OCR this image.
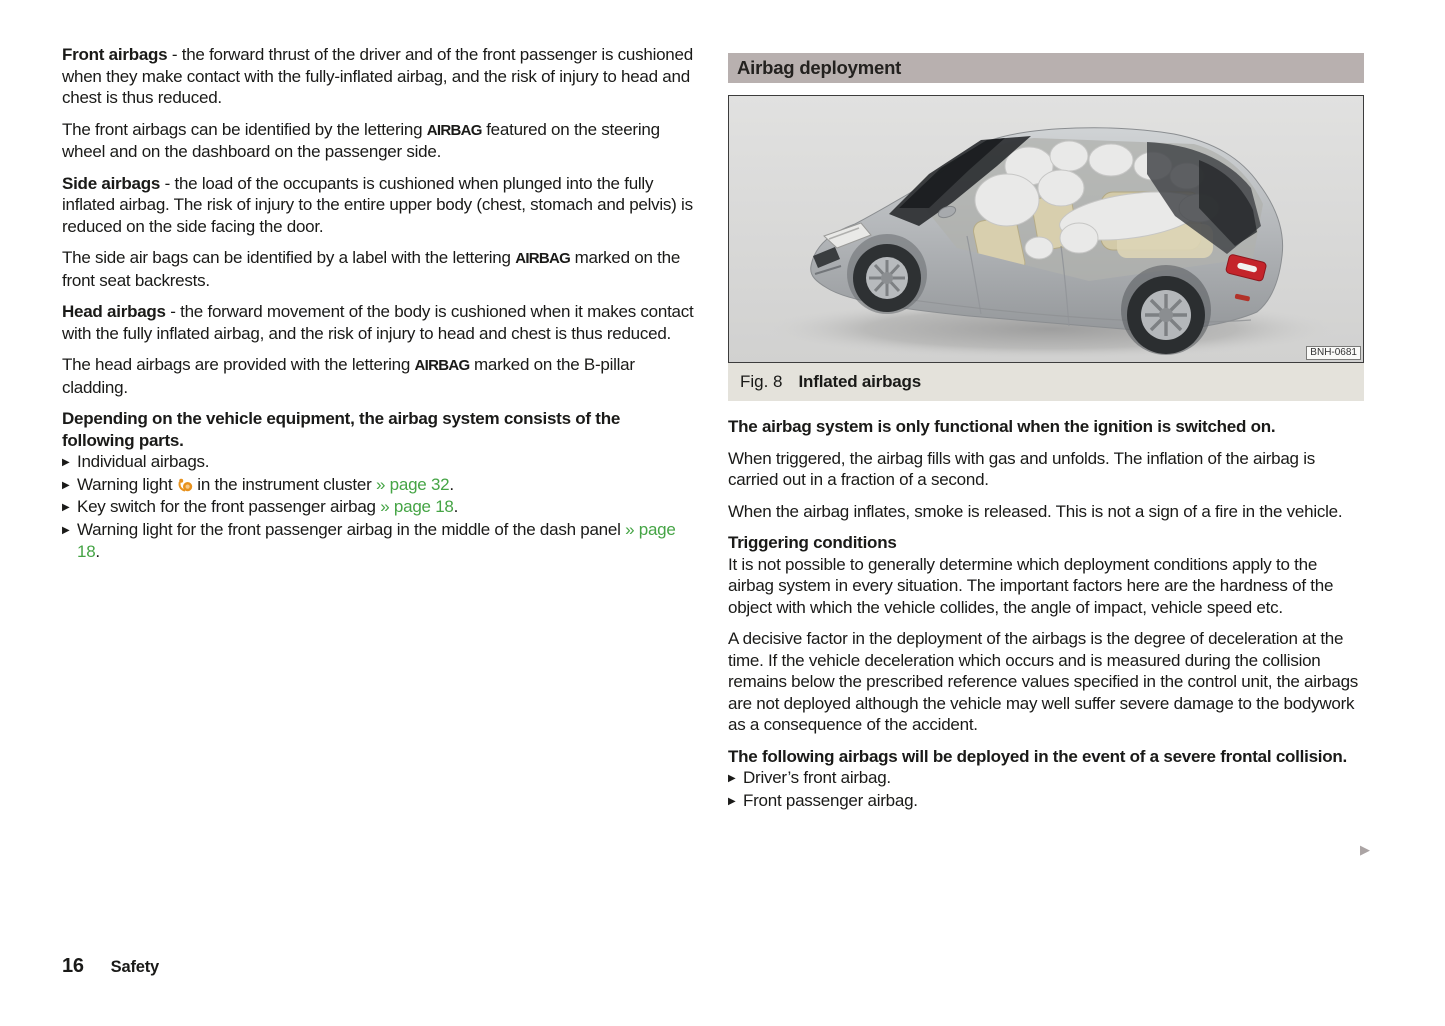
Front airbags - the forward thrust of the driver and of the front passenger is cushioned when they make contact with the fully-inflated airbag, and the risk of injury to head and chest is thus reduced.

The front airbags can be identified by the lettering AIRBAG featured on the steering wheel and on the dashboard on the passenger side.

Side airbags - the load of the occupants is cushioned when plunged into the fully inflated airbag. The risk of injury to the entire upper body (chest, stomach and pelvis) is reduced on the side facing the door.

The side air bags can be identified by a label with the lettering AIRBAG marked on the front seat backrests.

Head airbags - the forward movement of the body is cushioned when it makes contact with the fully inflated airbag, and the risk of injury to head and chest is thus reduced.

The head airbags are provided with the lettering AIRBAG marked on the B-pillar cladding.

Depending on the vehicle equipment, the airbag system consists of the following parts.

▶ Individual airbags.
▶ Warning light  in the instrument cluster » page 32.
▶ Key switch for the front passenger airbag » page 18.
▶ Warning light for the front passenger airbag in the middle of the dash panel » page 18.
Airbag deployment
BNH-0681
Fig. 8 Inflated airbags

The airbag system is only functional when the ignition is switched on.

When triggered, the airbag fills with gas and unfolds. The inflation of the airbag is carried out in a fraction of a second.

When the airbag inflates, smoke is released. This is not a sign of a fire in the vehicle.

Triggering conditions
It is not possible to generally determine which deployment conditions apply to the airbag system in every situation. The important factors here are the hardness of the object with which the vehicle collides, the angle of impact, vehicle speed etc.

A decisive factor in the deployment of the airbags is the degree of deceleration at the time. If the vehicle deceleration which occurs and is measured during the collision remains below the prescribed reference values specified in the control unit, the airbags are not deployed although the vehicle may well suffer severe damage to the bodywork as a consequence of the accident.

The following airbags will be deployed in the event of a severe frontal collision.

▶ Driver’s front airbag.
▶ Front passenger airbag.
▶
16 Safety
